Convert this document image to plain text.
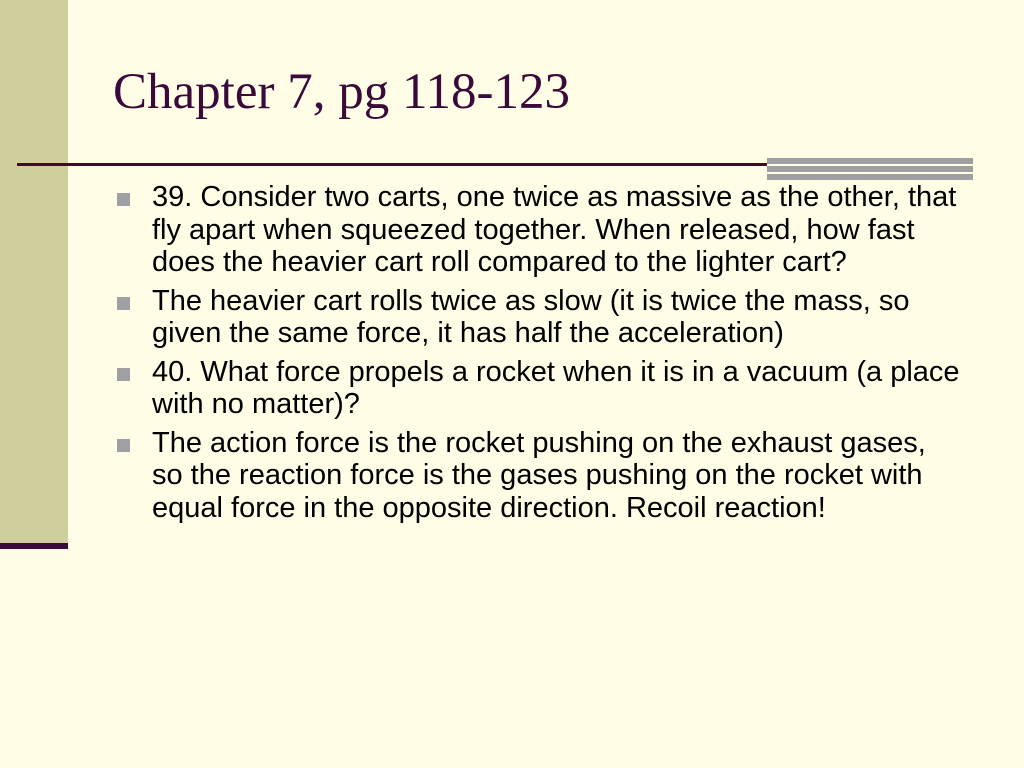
Chapter 7, pg 118-123
39. Consider two carts, one twice as massive as the other, that fly apart when squeezed together. When released, how fast does the heavier cart roll compared to the lighter cart?
The heavier cart rolls twice as slow (it is twice the mass, so given the same force, it has half the acceleration)
40. What force propels a rocket when it is in a vacuum (a place with no matter)?
The action force is the rocket pushing on the exhaust gases, so the reaction force is the gases pushing on the rocket with equal force in the opposite direction. Recoil reaction!
